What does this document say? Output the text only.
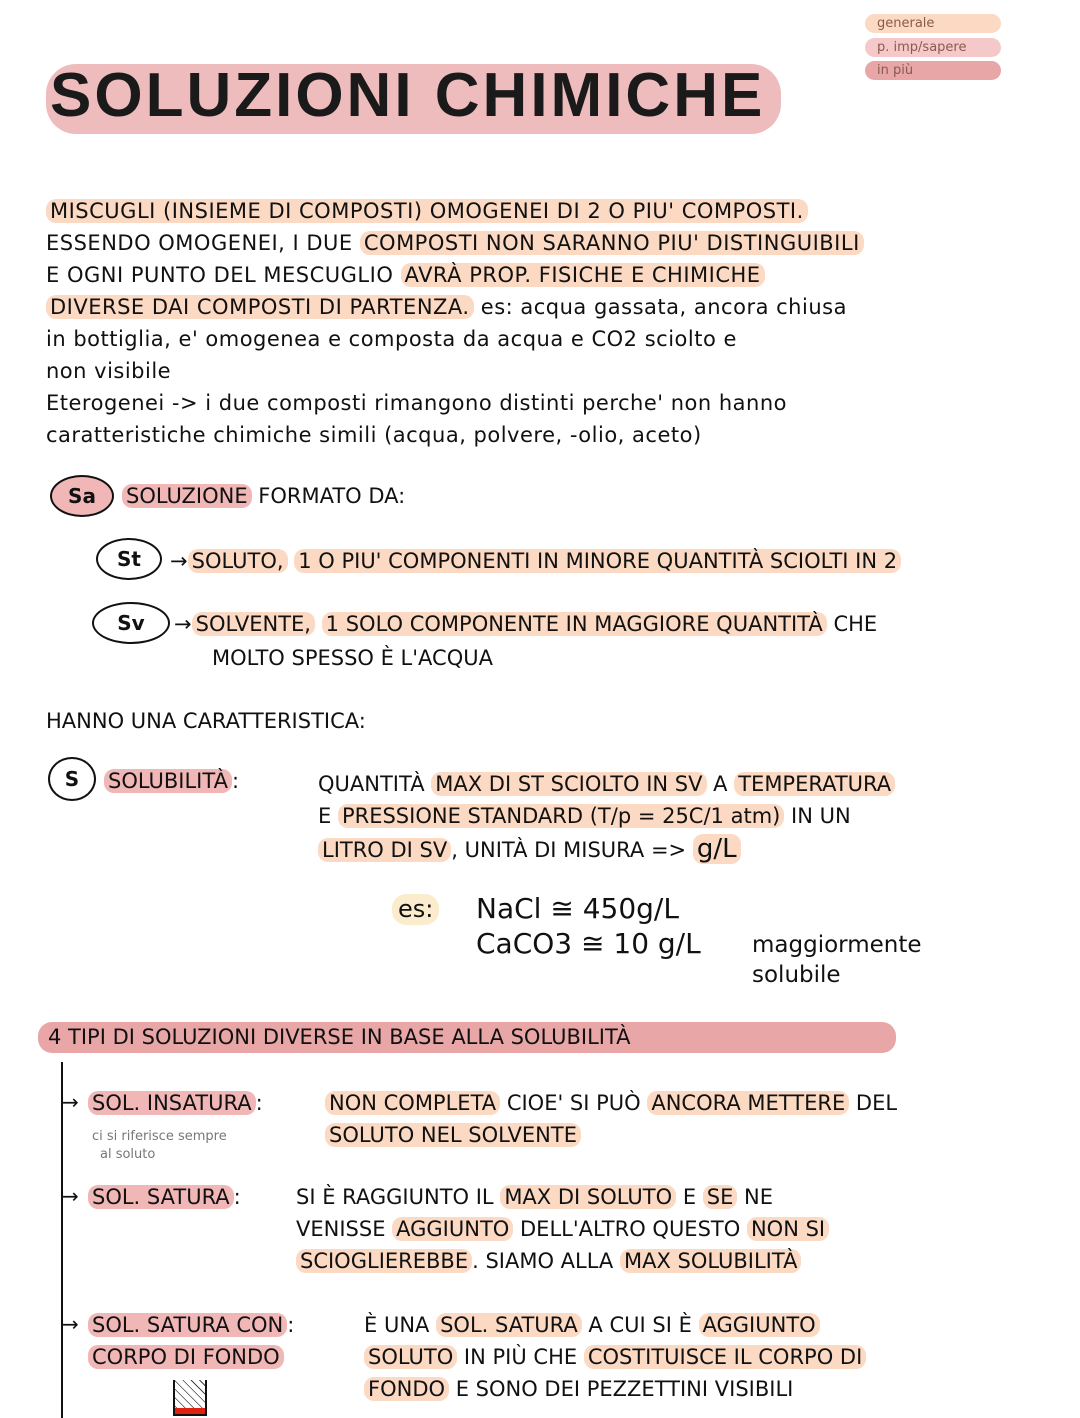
generale
p. imp/sapere
in più
SOLUZIONI CHIMICHE
MISCUGLI (INSIEME DI COMPOSTI) OMOGENEI DI 2 O PIU' COMPOSTI.
ESSENDO OMOGENEI, I DUE COMPOSTI NON SARANNO PIU' DISTINGUIBILI
E OGNI PUNTO DEL MESCUGLIO AVRÀ PROP. FISICHE E CHIMICHE
DIVERSE DAI COMPOSTI DI PARTENZA. es: acqua gassata, ancora chiusa
in bottiglia, e' omogenea e composta da acqua e CO2 sciolto e
non visibile
Eterogenei -> i due composti rimangono distinti perche' non hanno
caratteristiche chimiche simili (acqua, polvere, -olio, aceto)
Sa	SOLUZIONE FORMATO DA:
St	→ SOLUTO, 1 O PIU' COMPONENTI IN MINORE QUANTITÀ SCIOLTI IN 2
Sv	→ SOLVENTE, 1 SOLO COMPONENTE IN MAGGIORE QUANTITÀ CHE
MOLTO SPESSO È L'ACQUA
HANNO UNA CARATTERISTICA:
S	SOLUBILITÀ :	QUANTITÀ MAX DI ST SCIOLTO IN SV A TEMPERATURA
E PRESSIONE STANDARD (T/p = 25C/1 atm) IN UN
LITRO DI SV , UNITÀ DI MISURA => g/L
es: NaCl ≅ 450g/L
CaCO3 ≅ 10 g/L maggiormente
solubile
4 TIPI DI SOLUZIONI DIVERSE IN BASE ALLA SOLUBILITÀ
→ SOL. INSATURA :	NON COMPLETA CIOE' SI PUÒ ANCORA METTERE DEL
SOLUTO NEL SOLVENTE
ci si riferisce sempre
al soluto
→ SOL. SATURA :	SI È RAGGIUNTO IL MAX DI SOLUTO E SE NE
VENISSE AGGIUNTO DELL'ALTRO QUESTO NON SI
SCIOGLIEREBBE . SIAMO ALLA MAX SOLUBILITÀ
→ SOL. SATURA CON :
CORPO DI FONDO
È UNA SOL. SATURA A CUI SI È AGGIUNTO
SOLUTO IN PIÙ CHE COSTITUISCE IL CORPO DI
FONDO E SONO DEI PEZZETTINI VISIBILI
